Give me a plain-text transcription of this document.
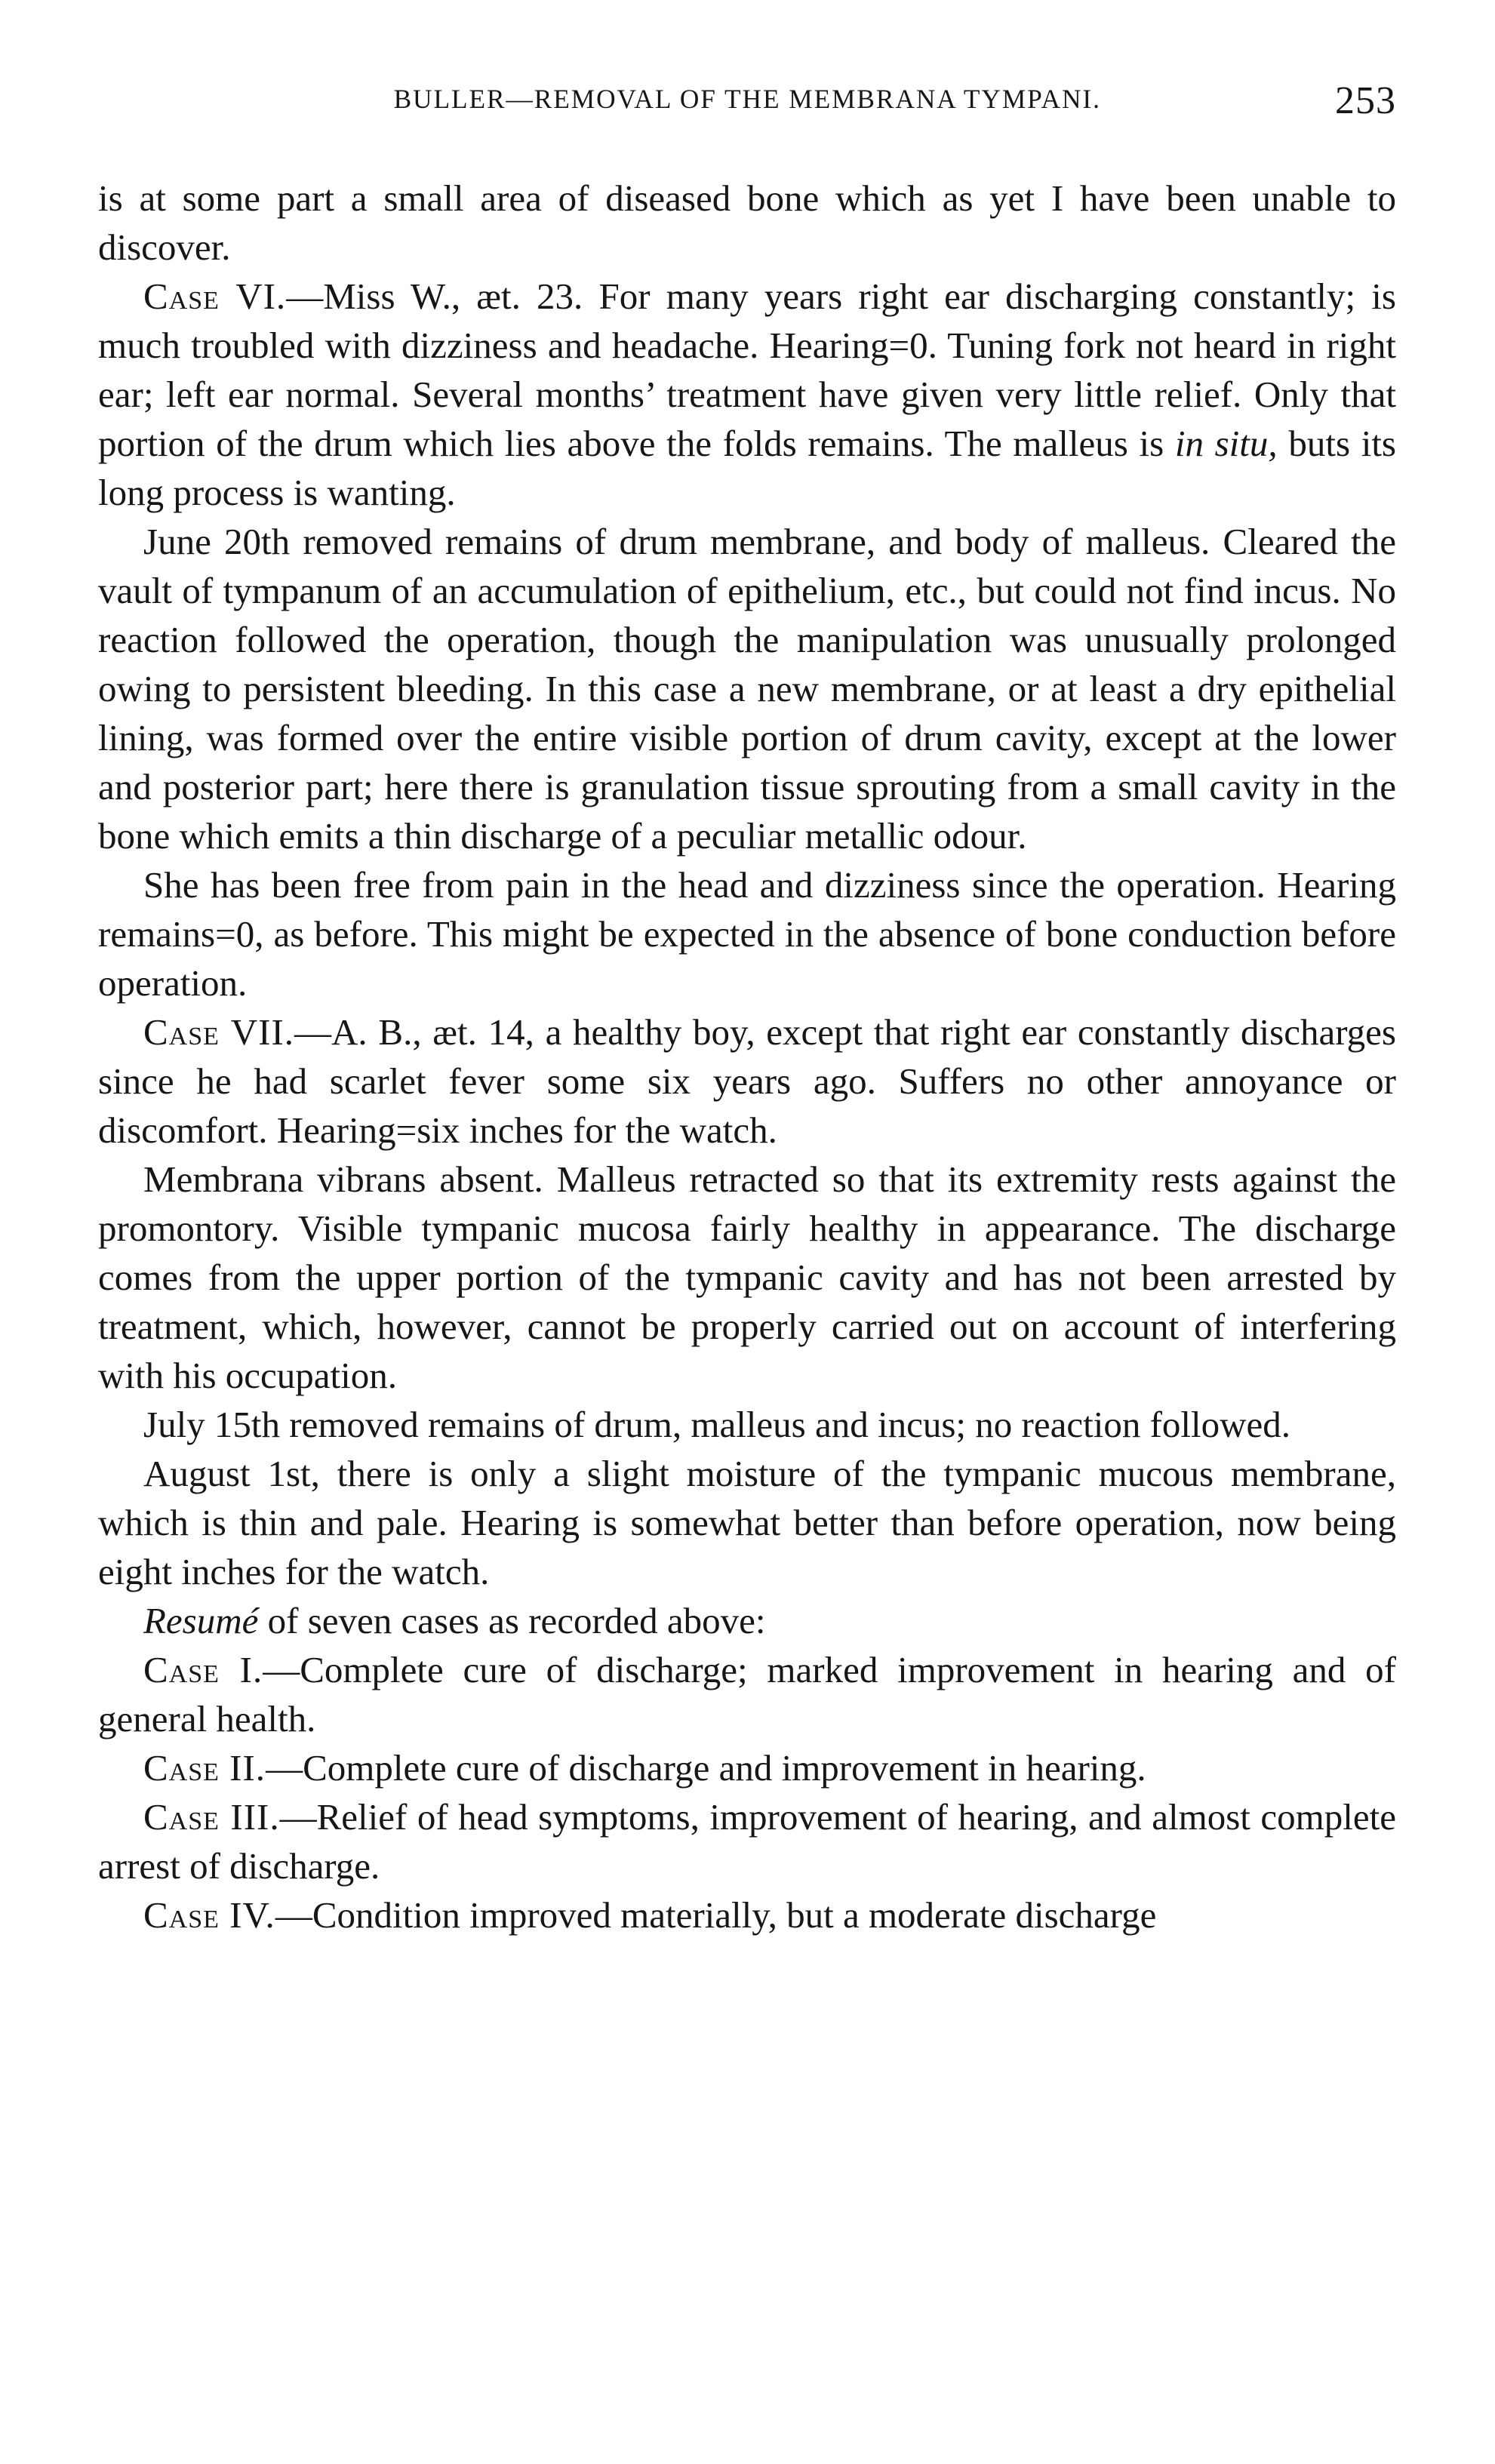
BULLER—REMOVAL OF THE MEMBRANA TYMPANI.	253

is at some part a small area of diseased bone which as yet I have been unable to discover.

Case VI.—Miss W., æt. 23. For many years right ear discharging constantly; is much troubled with dizziness and headache. Hearing=0. Tuning fork not heard in right ear; left ear normal. Several months’ treatment have given very little relief. Only that portion of the drum which lies above the folds remains. The malleus is in situ, buts its long process is wanting.

June 20th removed remains of drum membrane, and body of malleus. Cleared the vault of tympanum of an accumulation of epithelium, etc., but could not find incus. No reaction followed the operation, though the manipulation was unusually prolonged owing to persistent bleeding. In this case a new membrane, or at least a dry epithelial lining, was formed over the entire visible portion of drum cavity, except at the lower and posterior part; here there is granulation tissue sprouting from a small cavity in the bone which emits a thin discharge of a peculiar metallic odour.

She has been free from pain in the head and dizziness since the operation. Hearing remains=0, as before. This might be expected in the absence of bone conduction before operation.

Case VII.—A. B., æt. 14, a healthy boy, except that right ear constantly discharges since he had scarlet fever some six years ago. Suffers no other annoyance or discomfort. Hearing=six inches for the watch.

Membrana vibrans absent. Malleus retracted so that its extremity rests against the promontory. Visible tympanic mucosa fairly healthy in appearance. The discharge comes from the upper portion of the tympanic cavity and has not been arrested by treatment, which, however, cannot be properly carried out on account of interfering with his occupation.

July 15th removed remains of drum, malleus and incus; no reaction followed.

August 1st, there is only a slight moisture of the tympanic mucous membrane, which is thin and pale. Hearing is somewhat better than before operation, now being eight inches for the watch.

Resumé of seven cases as recorded above:

Case I.—Complete cure of discharge; marked improvement in hearing and of general health.

Case II.—Complete cure of discharge and improvement in hearing.

Case III.—Relief of head symptoms, improvement of hearing, and almost complete arrest of discharge.

Case IV.—Condition improved materially, but a moderate discharge
